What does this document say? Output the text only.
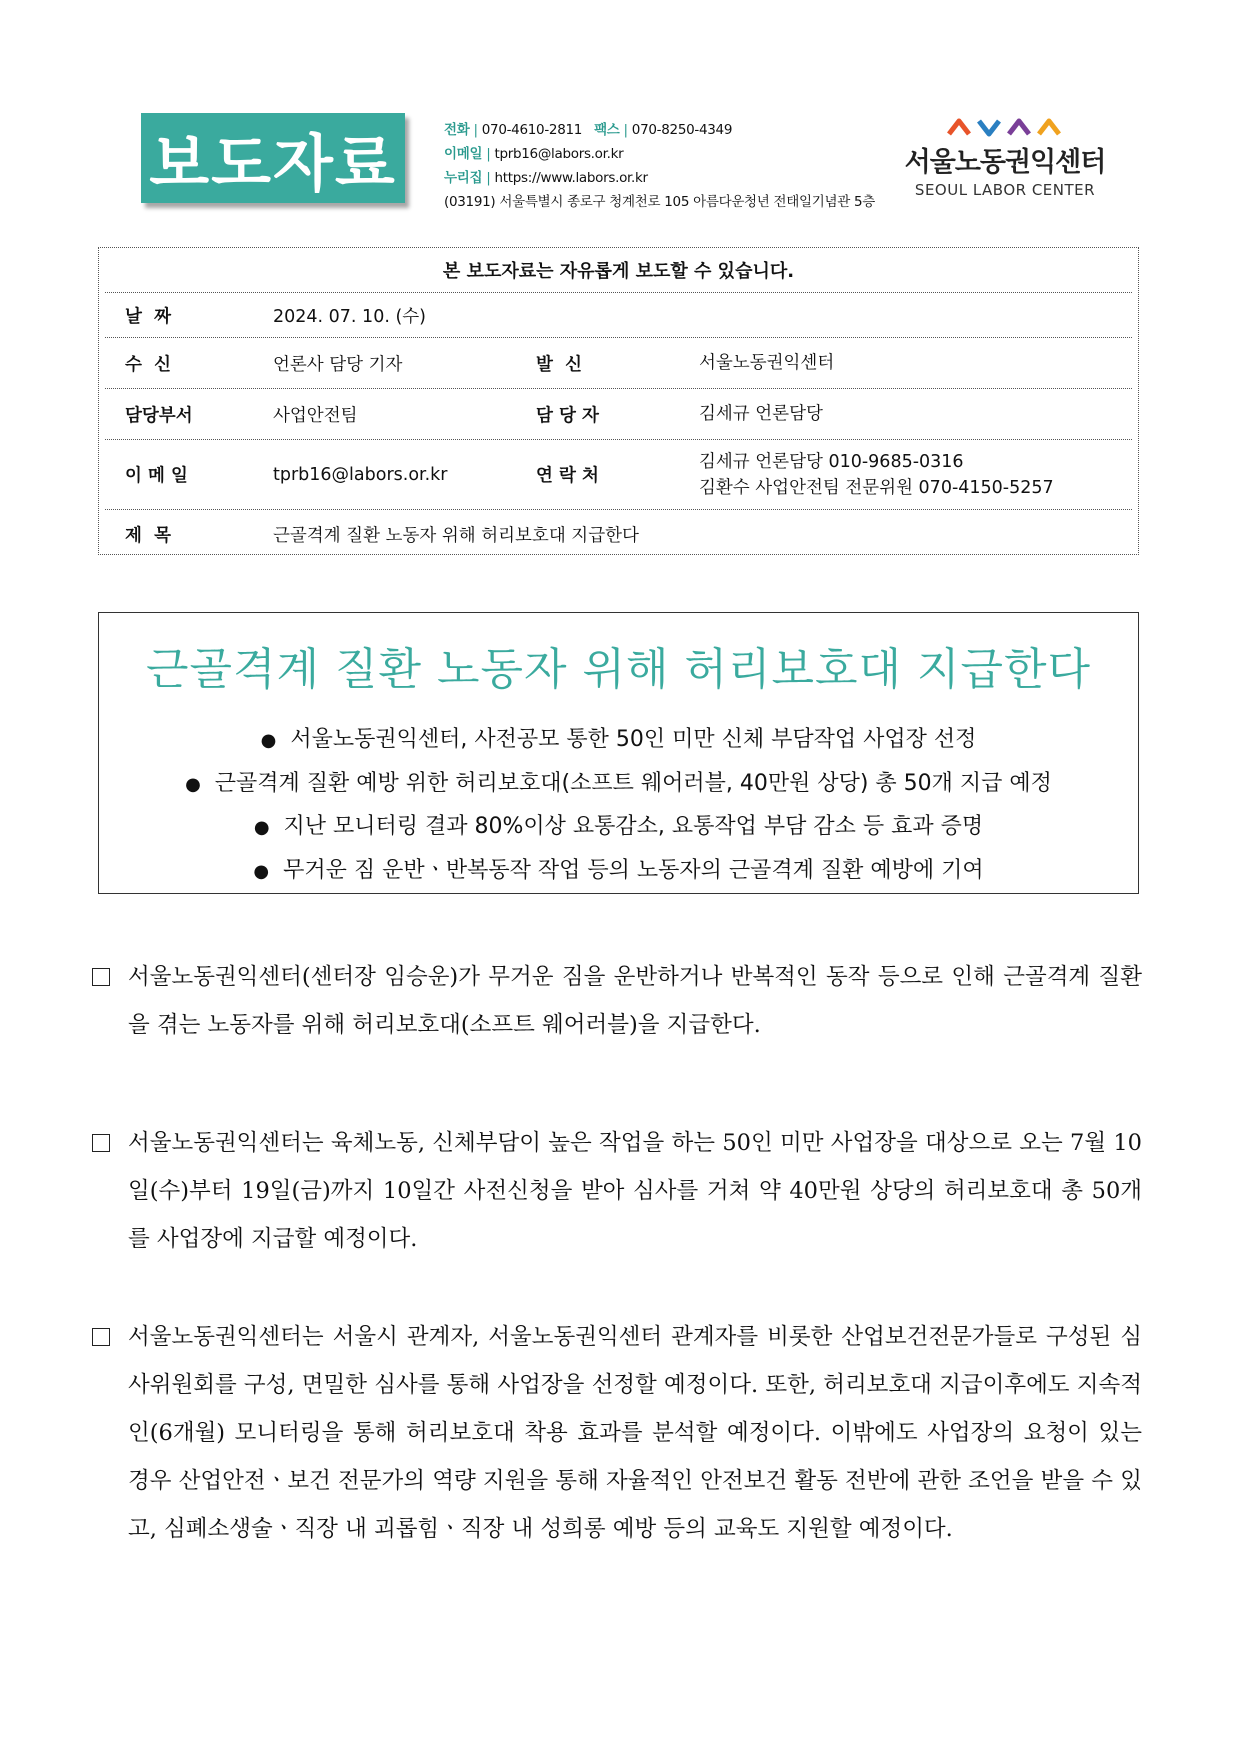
보도자료	전화 | 070-4610-2811 팩스 | 070-8250-4349
이메일 | tprb16@labors.or.kr
누리집 | https://www.labors.or.kr
(03191) 서울특별시 종로구 청계천로 105 아름다운청년 전태일기념관 5층
서울노동권익센터
SEOUL LABOR CENTER
본 보도자료는 자유롭게 보도할 수 있습니다.
날  짜	2024. 07. 10. (수)
수  신	언론사 담당 기자	발  신	서울노동권익센터
담당부서	사업안전팀	담 당 자	김세규 언론담당
이 메 일	tprb16@labors.or.kr	연 락 처
김세규 언론담당 010-9685-0316
김환수 사업안전팀 전문위원 070-4150-5257
제  목	근골격계 질환 노동자 위해 허리보호대 지급한다
근골격계 질환 노동자 위해 허리보호대 지급한다
● 서울노동권익센터, 사전공모 통한 50인 미만 신체 부담작업 사업장 선정
● 근골격계 질환 예방 위한 허리보호대(소프트 웨어러블, 40만원 상당) 총 50개 지급 예정
● 지난 모니터링 결과 80%이상 요통감소, 요통작업 부담 감소 등 효과 증명
● 무거운 짐 운반ㆍ반복동작 작업 등의 노동자의 근골격계 질환 예방에 기여
서울노동권익센터(센터장 임승운)가 무거운 짐을 운반하거나 반복적인 동작 등으로 인해 근골격계 질환을 겪는 노동자를 위해 허리보호대(소프트 웨어러블)을 지급한다.
서울노동권익센터는 육체노동, 신체부담이 높은 작업을 하는 50인 미만 사업장을 대상으로 오는 7월 10일(수)부터 19일(금)까지 10일간 사전신청을 받아 심사를 거쳐 약 40만원 상당의 허리보호대 총 50개를 사업장에 지급할 예정이다.
서울노동권익센터는 서울시 관계자, 서울노동권익센터 관계자를 비롯한 산업보건전문가들로 구성된 심사위원회를 구성, 면밀한 심사를 통해 사업장을 선정할 예정이다. 또한, 허리보호대 지급이후에도 지속적인(6개월) 모니터링을 통해 허리보호대 착용 효과를 분석할 예정이다. 이밖에도 사업장의 요청이 있는 경우 산업안전ㆍ보건 전문가의 역량 지원을 통해 자율적인 안전보건 활동 전반에 관한 조언을 받을 수 있고, 심폐소생술ㆍ직장 내 괴롭힘ㆍ직장 내 성희롱 예방 등의 교육도 지원할 예정이다.
